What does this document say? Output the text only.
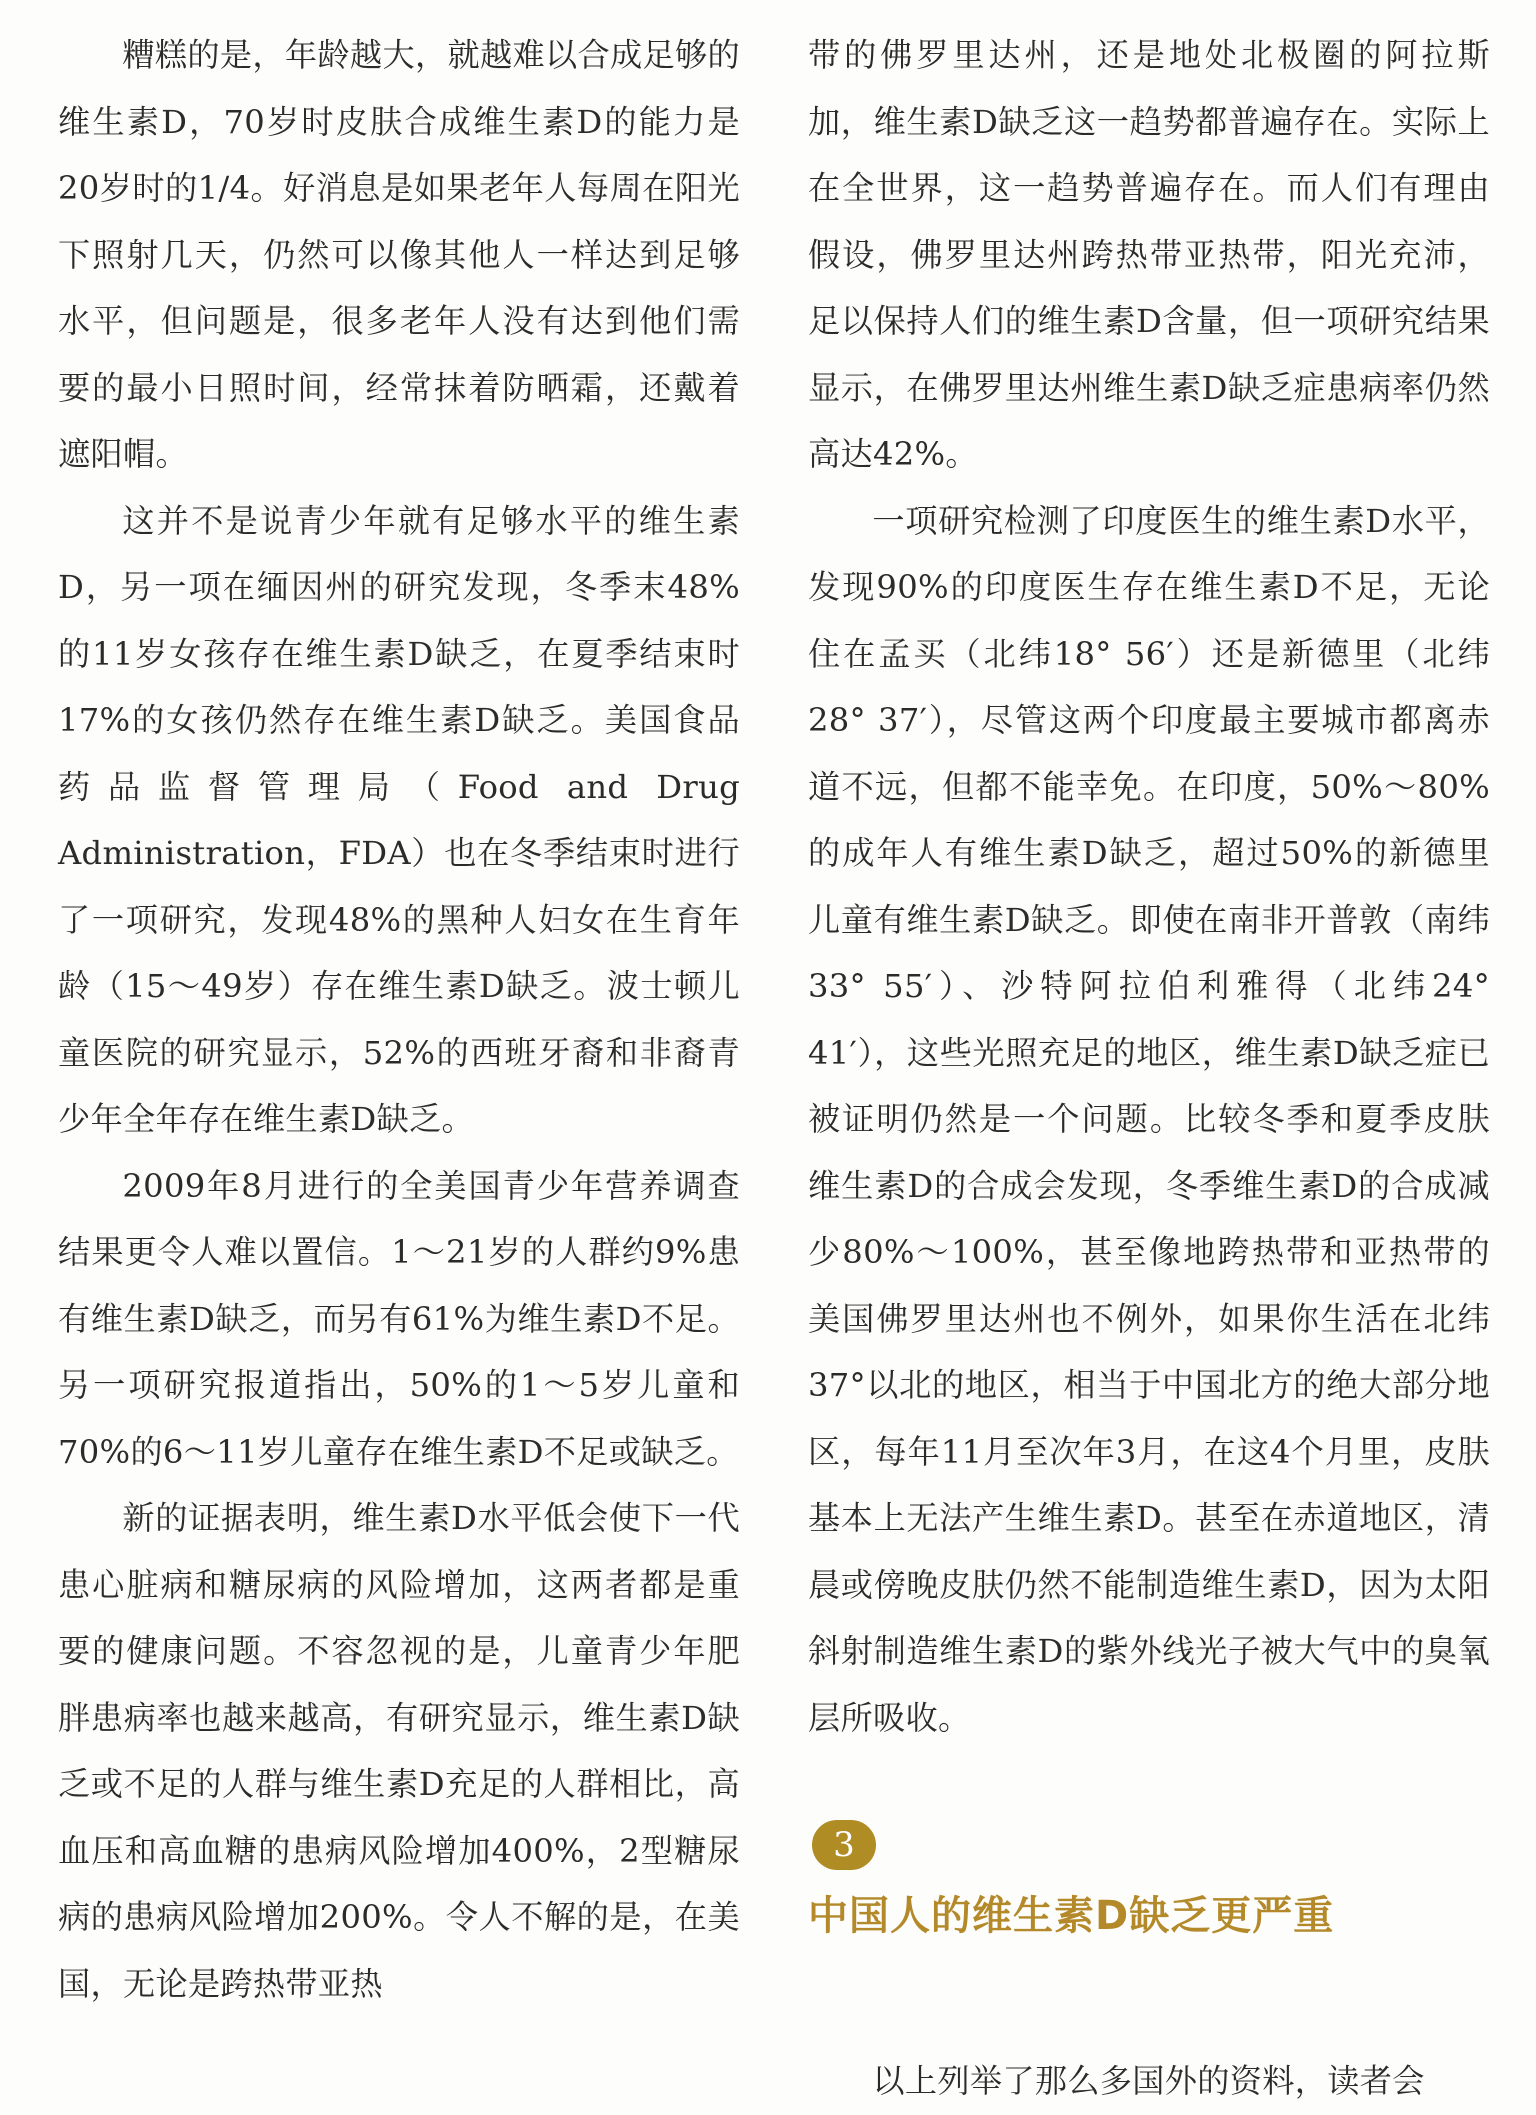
糟糕的是，年龄越大，就越难以合成足够的维生素D，70岁时皮肤合成维生素D的能力是20岁时的1/4。好消息是如果老年人每周在阳光下照射几天，仍然可以像其他人一样达到足够水平，但问题是，很多老年人没有达到他们需要的最小日照时间，经常抹着防晒霜，还戴着遮阳帽。

这并不是说青少年就有足够水平的维生素D，另一项在缅因州的研究发现，冬季末48%的11岁女孩存在维生素D缺乏，在夏季结束时17%的女孩仍然存在维生素D缺乏。美国食品药品监督管理局（Food and Drug Administration，FDA）也在冬季结束时进行了一项研究，发现48%的黑种人妇女在生育年龄（15～49岁）存在维生素D缺乏。波士顿儿童医院的研究显示，52%的西班牙裔和非裔青少年全年存在维生素D缺乏。

2009年8月进行的全美国青少年营养调查结果更令人难以置信。1～21岁的人群约9%患有维生素D缺乏，而另有61%为维生素D不足。另一项研究报道指出，50%的1～5岁儿童和70%的6～11岁儿童存在维生素D不足或缺乏。

新的证据表明，维生素D水平低会使下一代患心脏病和糖尿病的风险增加，这两者都是重要的健康问题。不容忽视的是，儿童青少年肥胖患病率也越来越高，有研究显示，维生素D缺乏或不足的人群与维生素D充足的人群相比，高血压和高血糖的患病风险增加400%，2型糖尿病的患病风险增加200%。令人不解的是，在美国，无论是跨热带亚热

带的佛罗里达州，还是地处北极圈的阿拉斯加，维生素D缺乏这一趋势都普遍存在。实际上在全世界，这一趋势普遍存在。而人们有理由假设，佛罗里达州跨热带亚热带，阳光充沛，足以保持人们的维生素D含量，但一项研究结果显示，在佛罗里达州维生素D缺乏症患病率仍然高达42%。

一项研究检测了印度医生的维生素D水平，发现90%的印度医生存在维生素D不足，无论住在孟买（北纬18° 56′）还是新德里（北纬28° 37′），尽管这两个印度最主要城市都离赤道不远，但都不能幸免。在印度，50%～80%的成年人有维生素D缺乏，超过50%的新德里儿童有维生素D缺乏。即使在南非开普敦（南纬33° 55′）、沙特阿拉伯利雅得（北纬24° 41′），这些光照充足的地区，维生素D缺乏症已被证明仍然是一个问题。比较冬季和夏季皮肤维生素D的合成会发现，冬季维生素D的合成减少80%～100%，甚至像地跨热带和亚热带的美国佛罗里达州也不例外，如果你生活在北纬37°以北的地区，相当于中国北方的绝大部分地区，每年11月至次年3月，在这4个月里，皮肤基本上无法产生维生素D。甚至在赤道地区，清晨或傍晚皮肤仍然不能制造维生素D，因为太阳斜射制造维生素D的紫外线光子被大气中的臭氧层所吸收。

3
中国人的维生素D缺乏更严重

以上列举了那么多国外的资料，读者会
